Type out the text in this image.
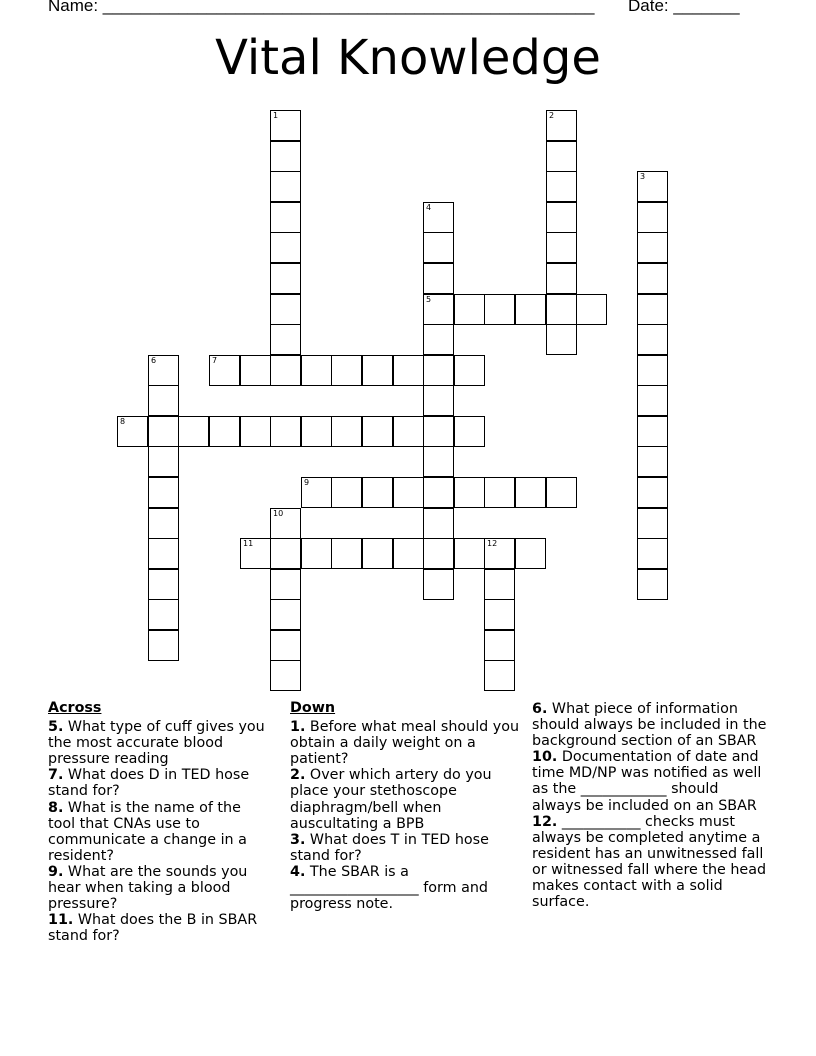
Name: ____________________________________________________ Date: _______
Vital Knowledge
1	2
3
4
5
6	7
8
9
10
11	12
Across
5. What type of cuff gives you the most accurate blood pressure reading
7. What does D in TED hose stand for?
8. What is the name of the tool that CNAs use to communicate a change in a resident?
9. What are the sounds you hear when taking a blood pressure?
11. What does the B in SBAR stand for?
Down
1. Before what meal should you obtain a daily weight on a patient?
2. Over which artery do you place your stethoscope diaphragm/bell when auscultating a BPB
3. What does T in TED hose stand for?
4. The SBAR is a __________________ form and progress note.
6. What piece of information should always be included in the background section of an SBAR
10. Documentation of date and time MD/NP was notified as well as the ____________ should always be included on an SBAR
12. ___________ checks must always be completed anytime a resident has an unwitnessed fall or witnessed fall where the head makes contact with a solid surface.
